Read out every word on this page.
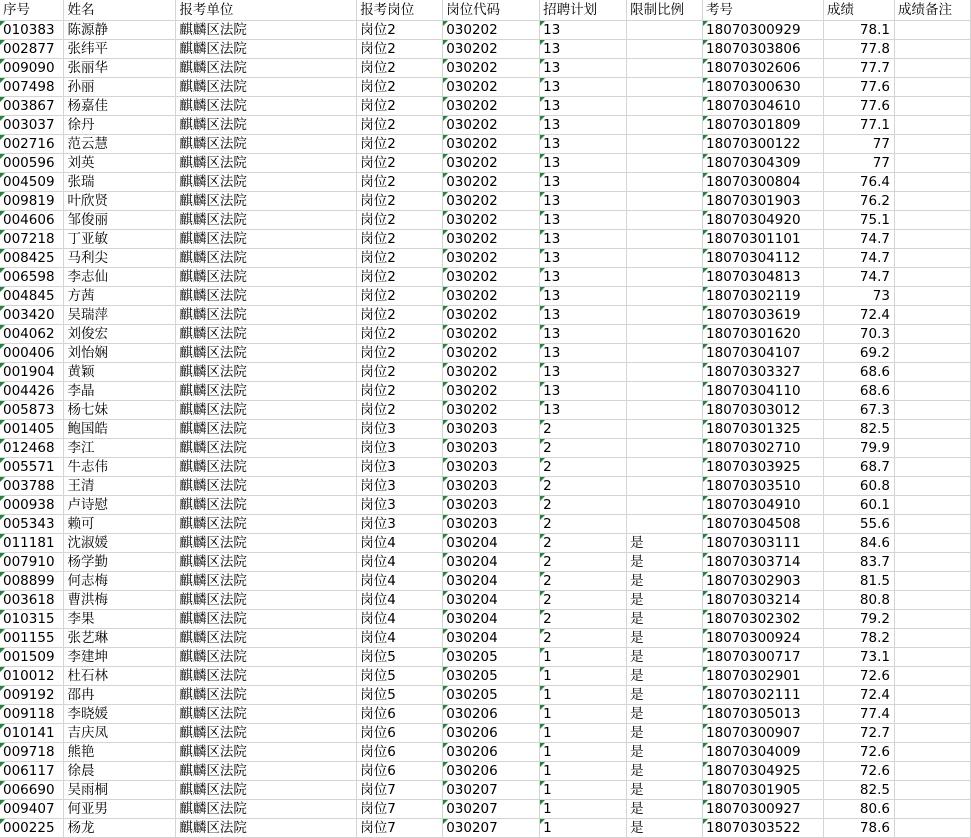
序号	姓名	报考单位	报考岗位	岗位代码	招聘计划	限制比例	考号	成绩	成绩备注
010383	陈源静	麒麟区法院	岗位2	030202	13		18070300929	78.1	
002877	张纬平	麒麟区法院	岗位2	030202	13		18070303806	77.8	
009090	张丽华	麒麟区法院	岗位2	030202	13		18070302606	77.7	
007498	孙丽	麒麟区法院	岗位2	030202	13		18070300630	77.6	
003867	杨嘉佳	麒麟区法院	岗位2	030202	13		18070304610	77.6	
003037	徐丹	麒麟区法院	岗位2	030202	13		18070301809	77.1	
002716	范云慧	麒麟区法院	岗位2	030202	13		18070300122	77	
000596	刘英	麒麟区法院	岗位2	030202	13		18070304309	77	
004509	张瑞	麒麟区法院	岗位2	030202	13		18070300804	76.4	
009819	叶欣贤	麒麟区法院	岗位2	030202	13		18070301903	76.2	
004606	邹俊丽	麒麟区法院	岗位2	030202	13		18070304920	75.1	
007218	丁亚敏	麒麟区法院	岗位2	030202	13		18070301101	74.7	
008425	马利尖	麒麟区法院	岗位2	030202	13		18070304112	74.7	
006598	李志仙	麒麟区法院	岗位2	030202	13		18070304813	74.7	
004845	方茜	麒麟区法院	岗位2	030202	13		18070302119	73	
003420	吴瑞萍	麒麟区法院	岗位2	030202	13		18070303619	72.4	
004062	刘俊宏	麒麟区法院	岗位2	030202	13		18070301620	70.3	
000406	刘怡娴	麒麟区法院	岗位2	030202	13		18070304107	69.2	
001904	黄颖	麒麟区法院	岗位2	030202	13		18070303327	68.6	
004426	李晶	麒麟区法院	岗位2	030202	13		18070304110	68.6	
005873	杨七妹	麒麟区法院	岗位2	030202	13		18070303012	67.3	
001405	鲍国皓	麒麟区法院	岗位3	030203	2		18070301325	82.5	
012468	李江	麒麟区法院	岗位3	030203	2		18070302710	79.9	
005571	牛志伟	麒麟区法院	岗位3	030203	2		18070303925	68.7	
003788	王清	麒麟区法院	岗位3	030203	2		18070303510	60.8	
000938	卢诗慰	麒麟区法院	岗位3	030203	2		18070304910	60.1	
005343	赖可	麒麟区法院	岗位3	030203	2		18070304508	55.6	
011181	沈淑媛	麒麟区法院	岗位4	030204	2	是	18070303111	84.6	
007910	杨学勤	麒麟区法院	岗位4	030204	2	是	18070303714	83.7	
008899	何志梅	麒麟区法院	岗位4	030204	2	是	18070302903	81.5	
003618	曹洪梅	麒麟区法院	岗位4	030204	2	是	18070303214	80.8	
010315	李果	麒麟区法院	岗位4	030204	2	是	18070302302	79.2	
001155	张艺琳	麒麟区法院	岗位4	030204	2	是	18070300924	78.2	
001509	李建坤	麒麟区法院	岗位5	030205	1	是	18070300717	73.1	
010012	杜石林	麒麟区法院	岗位5	030205	1	是	18070302901	72.6	
009192	邵冉	麒麟区法院	岗位5	030205	1	是	18070302111	72.4	
009118	李晓媛	麒麟区法院	岗位6	030206	1	是	18070305013	77.4	
010141	吉庆凤	麒麟区法院	岗位6	030206	1	是	18070300907	72.7	
009718	熊艳	麒麟区法院	岗位6	030206	1	是	18070304009	72.6	
006117	徐晨	麒麟区法院	岗位6	030206	1	是	18070304925	72.6	
006690	吴雨桐	麒麟区法院	岗位7	030207	1	是	18070301905	82.5	
009407	何亚男	麒麟区法院	岗位7	030207	1	是	18070300927	80.6	
000225	杨龙	麒麟区法院	岗位7	030207	1	是	18070303522	78.6	
